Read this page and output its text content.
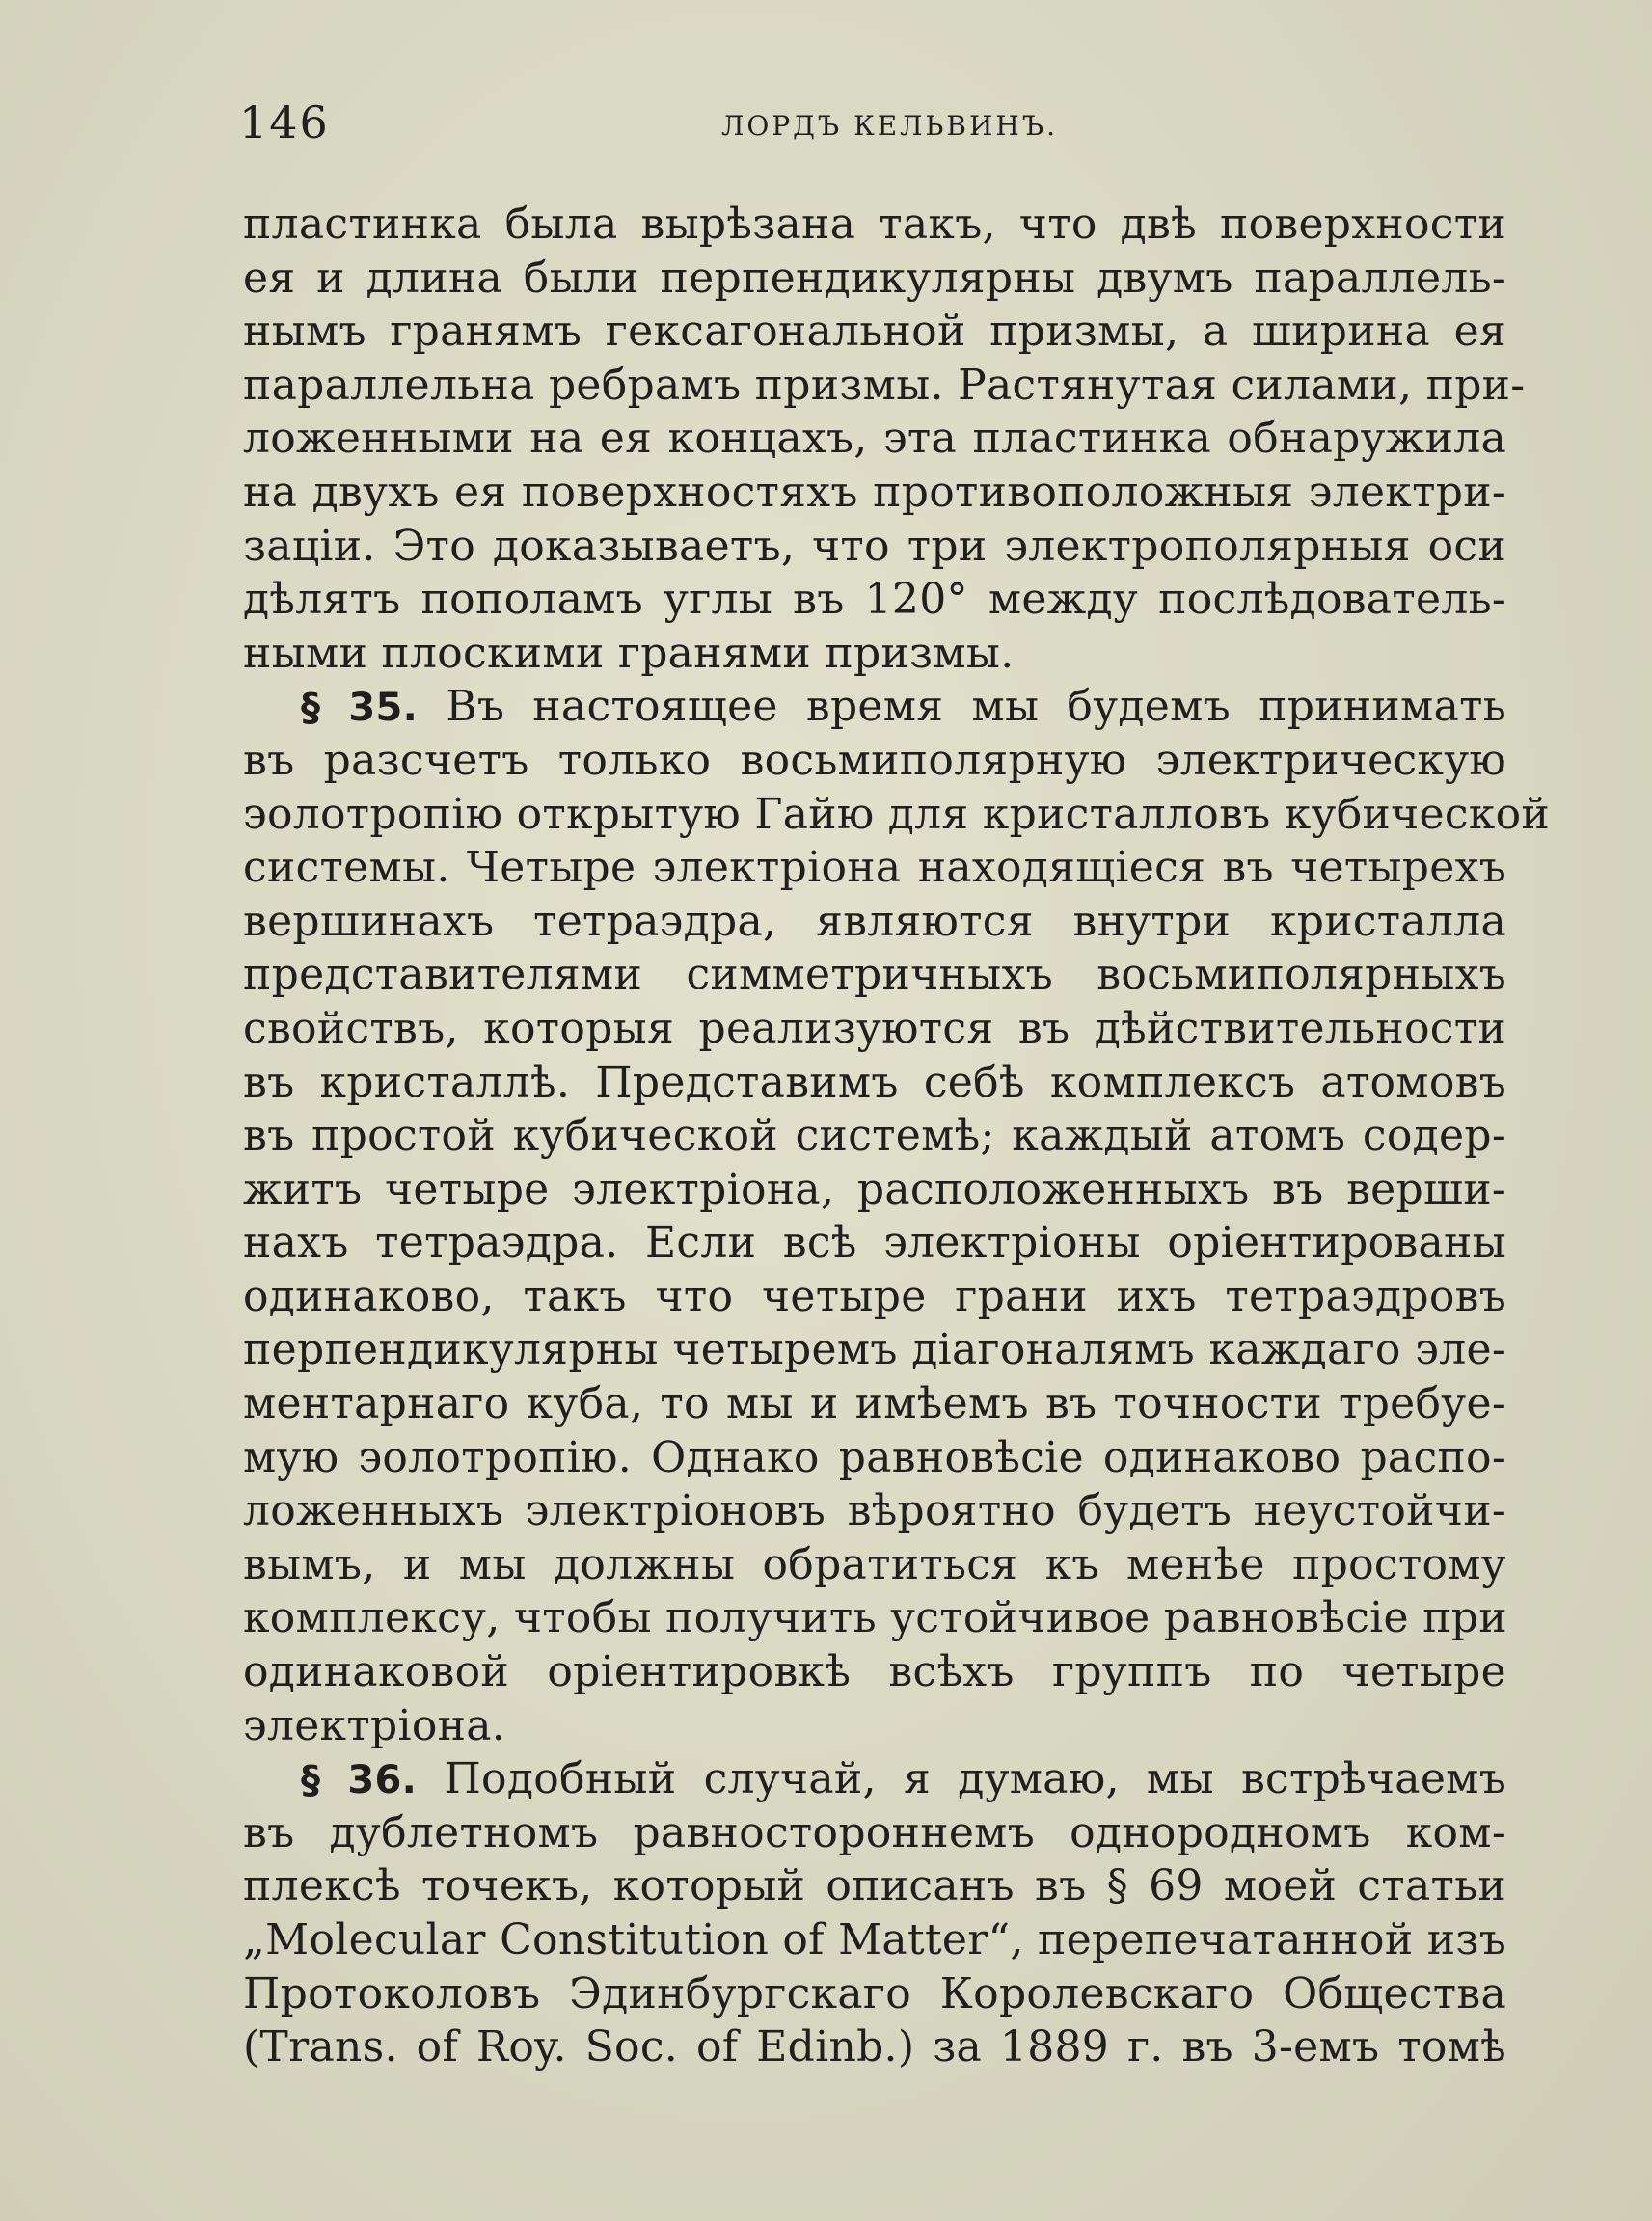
146	ЛОРДЪ КЕЛЬВИНЪ.
пластинка была вырѣзана такъ, что двѣ поверхности
ея и длина были перпендикулярны двумъ параллель-
нымъ гранямъ гексагональной призмы, а ширина ея
параллельна ребрамъ призмы. Растянутая силами, при-
ложенными на ея концахъ, эта пластинка обнаружила
на двухъ ея поверхностяхъ противоположныя электри-
заціи. Это доказываетъ, что три электрополярныя оси
дѣлятъ пополамъ углы въ 120° между послѣдователь-
ными плоскими гранями призмы.
§ 35. Въ настоящее время мы будемъ принимать
въ разсчетъ только восьмиполярную электрическую
эолотропію открытую Гайю для кристалловъ кубической
системы. Четыре электріона находящіеся въ четырехъ
вершинахъ тетраэдра, являются внутри кристалла
представителями симметричныхъ восьмиполярныхъ
свойствъ, которыя реализуются въ дѣйствительности
въ кристаллѣ. Представимъ себѣ комплексъ атомовъ
въ простой кубической системѣ; каждый атомъ содер-
житъ четыре электріона, расположенныхъ въ верши-
нахъ тетраэдра. Если всѣ электріоны оріентированы
одинаково, такъ что четыре грани ихъ тетраэдровъ
перпендикулярны четыремъ діагоналямъ каждаго эле-
ментарнаго куба, то мы и имѣемъ въ точности требуе-
мую эолотропію. Однако равновѣсіе одинаково распо-
ложенныхъ электріоновъ вѣроятно будетъ неустойчи-
вымъ, и мы должны обратиться къ менѣе простому
комплексу, чтобы получить устойчивое равновѣсіе при
одинаковой оріентировкѣ всѣхъ группъ по четыре
электріона.
§ 36. Подобный случай, я думаю, мы встрѣчаемъ
въ дублетномъ равностороннемъ однородномъ ком-
плексѣ точекъ, который описанъ въ § 69 моей статьи
„Molecular Constitution of Matter“, перепечатанной изъ
Протоколовъ Эдинбургскаго Королевскаго Общества
(Trans. of Roy. Soc. of Edinb.) за 1889 г. въ 3-емъ томѣ
